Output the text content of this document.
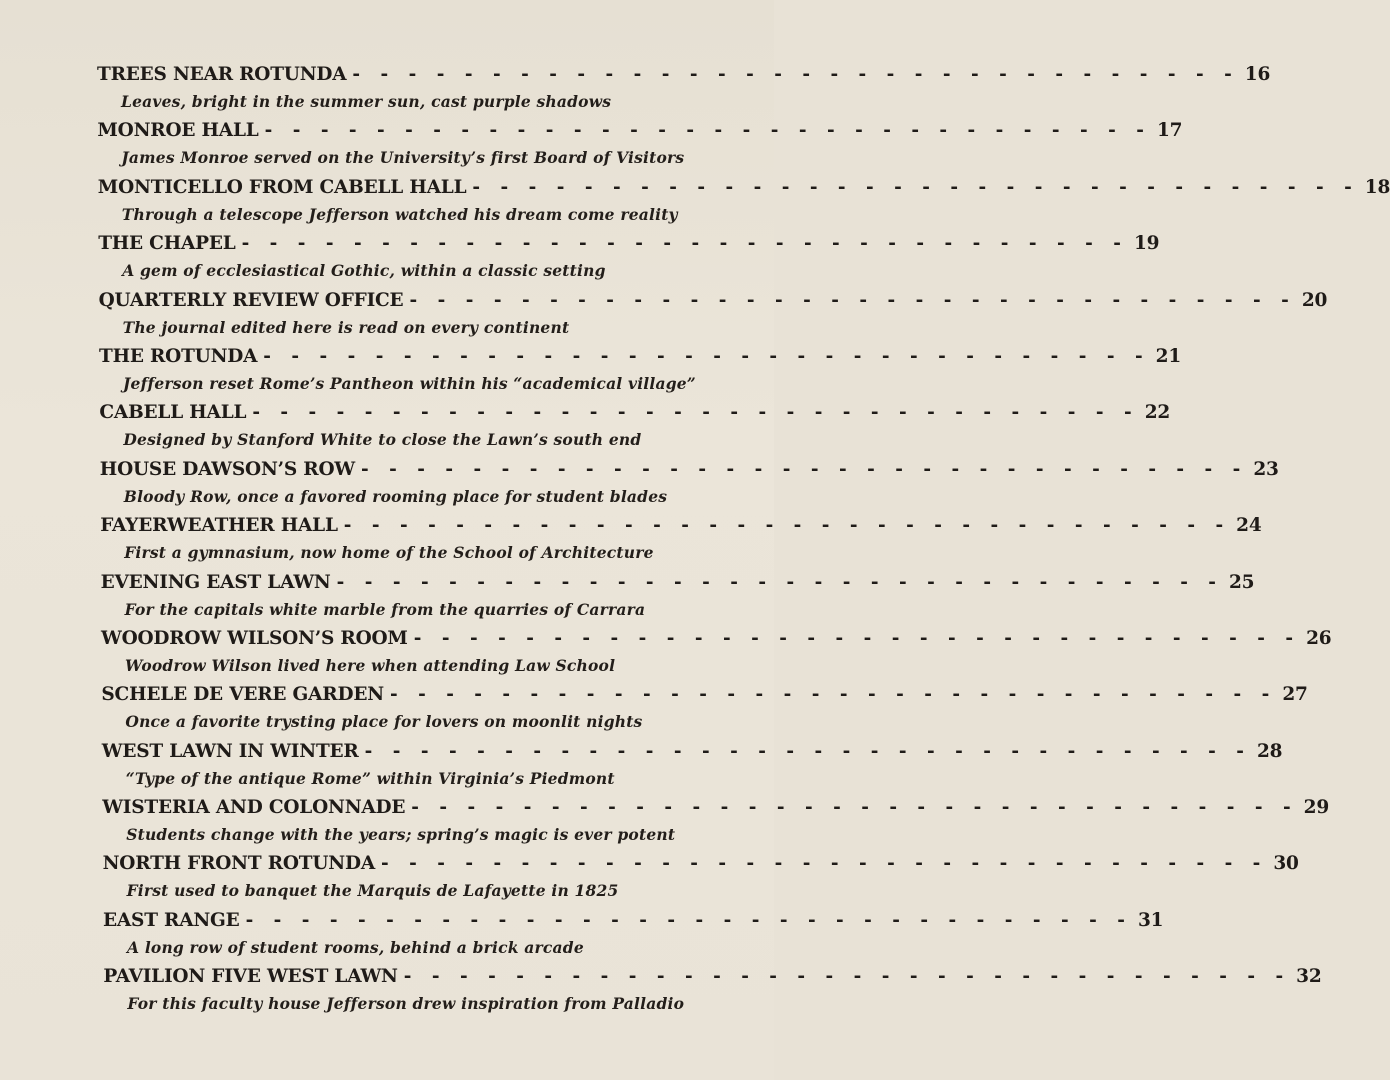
TREES NEAR ROTUNDA - - - - - - - - - - - - - - - - - - - - - - - - - - - - - - - - 16
Leaves, bright in the summer sun, cast purple shadows
MONROE HALL - - - - - - - - - - - - - - - - - - - - - - - - - - - - - - - - 17
James Monroe served on the University’s first Board of Visitors
MONTICELLO FROM CABELL HALL - - - - - - - - - - - - - - - - - - - - - - - - - - - - - - - - 18
Through a telescope Jefferson watched his dream come reality
THE CHAPEL - - - - - - - - - - - - - - - - - - - - - - - - - - - - - - - - 19
A gem of ecclesiastical Gothic, within a classic setting
QUARTERLY REVIEW OFFICE - - - - - - - - - - - - - - - - - - - - - - - - - - - - - - - - 20
The journal edited here is read on every continent
THE ROTUNDA - - - - - - - - - - - - - - - - - - - - - - - - - - - - - - - - 21
Jefferson reset Rome’s Pantheon within his “academical village”
CABELL HALL - - - - - - - - - - - - - - - - - - - - - - - - - - - - - - - - 22
Designed by Stanford White to close the Lawn’s south end
HOUSE DAWSON’S ROW - - - - - - - - - - - - - - - - - - - - - - - - - - - - - - - - 23
Bloody Row, once a favored rooming place for student blades
FAYERWEATHER HALL - - - - - - - - - - - - - - - - - - - - - - - - - - - - - - - - 24
First a gymnasium, now home of the School of Architecture
EVENING EAST LAWN - - - - - - - - - - - - - - - - - - - - - - - - - - - - - - - - 25
For the capitals white marble from the quarries of Carrara
WOODROW WILSON’S ROOM - - - - - - - - - - - - - - - - - - - - - - - - - - - - - - - - 26
Woodrow Wilson lived here when attending Law School
SCHELE DE VERE GARDEN - - - - - - - - - - - - - - - - - - - - - - - - - - - - - - - - 27
Once a favorite trysting place for lovers on moonlit nights
WEST LAWN IN WINTER - - - - - - - - - - - - - - - - - - - - - - - - - - - - - - - - 28
“Type of the antique Rome” within Virginia’s Piedmont
WISTERIA AND COLONNADE - - - - - - - - - - - - - - - - - - - - - - - - - - - - - - - - 29
Students change with the years; spring’s magic is ever potent
NORTH FRONT ROTUNDA - - - - - - - - - - - - - - - - - - - - - - - - - - - - - - - - 30
First used to banquet the Marquis de Lafayette in 1825
EAST RANGE - - - - - - - - - - - - - - - - - - - - - - - - - - - - - - - - 31
A long row of student rooms, behind a brick arcade
PAVILION FIVE WEST LAWN - - - - - - - - - - - - - - - - - - - - - - - - - - - - - - - - 32
For this faculty house Jefferson drew inspiration from Palladio
